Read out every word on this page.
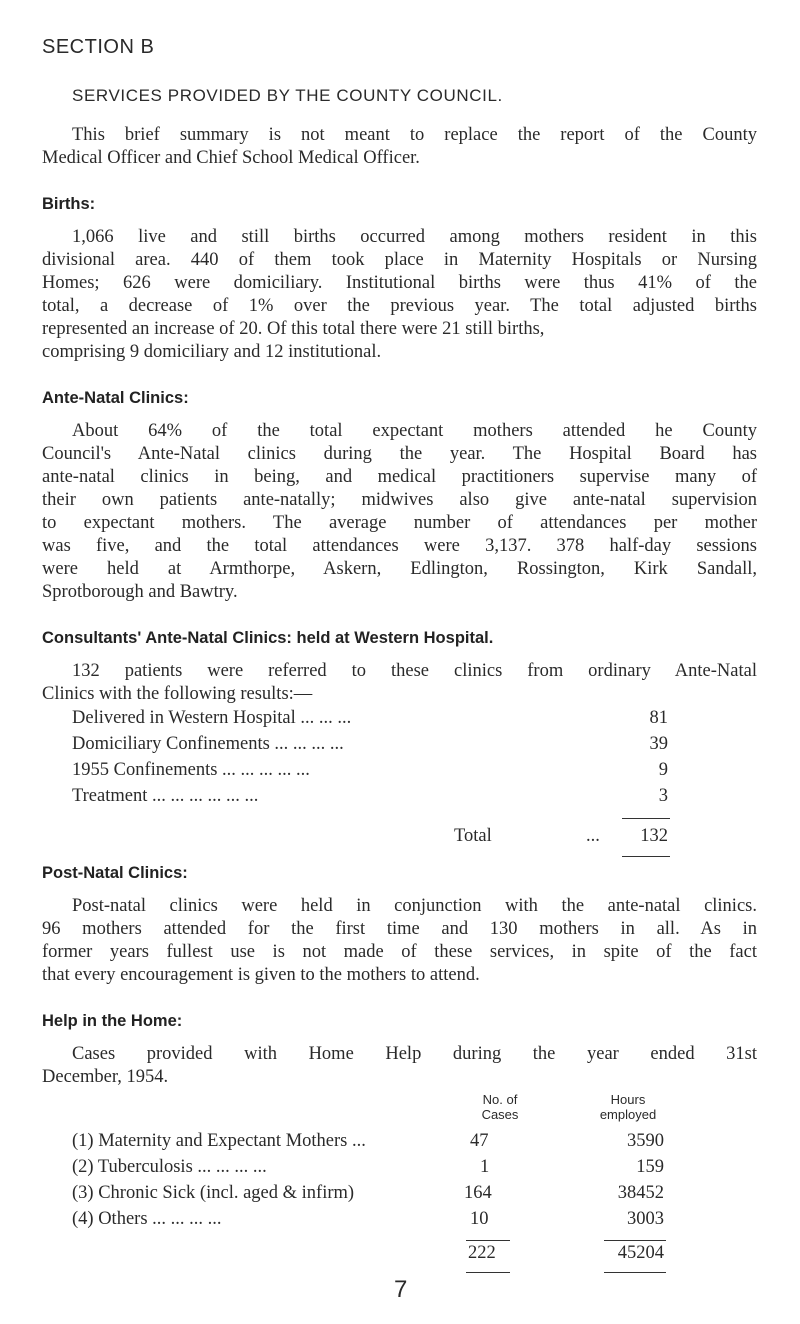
SECTION B
SERVICES PROVIDED BY THE COUNTY COUNCIL.
This brief summary is not meant to replace the report of the County
Medical Officer and Chief School Medical Officer.
Births:
1,066 live and still births occurred among mothers resident in this
divisional area. 440 of them took place in Maternity Hospitals or Nursing
Homes; 626 were domiciliary. Institutional births were thus 41% of the
total, a decrease of 1% over the previous year. The total adjusted births
represented an increase of 20. Of this total there were 21 still births,
comprising 9 domiciliary and 12 institutional.
Ante-Natal Clinics:
About 64% of the total expectant mothers attended he County
Council's Ante-Natal clinics during the year. The Hospital Board has
ante-natal clinics in being, and medical practitioners supervise many of
their own patients ante-natally; midwives also give ante-natal supervision
to expectant mothers. The average number of attendances per mother
was five, and the total attendances were 3,137. 378 half-day sessions
were held at Armthorpe, Askern, Edlington, Rossington, Kirk Sandall,
Sprotborough and Bawtry.
Consultants' Ante-Natal Clinics: held at Western Hospital.
132 patients were referred to these clinics from ordinary Ante-Natal
Clinics with the following results:—
Delivered in Western Hospital ... ... ...	81
Domiciliary Confinements ... ... ... ...	39
1955 Confinements ... ... ... ... ...	9
Treatment ... ... ... ... ... ...	3
Total	...	132
Post-Natal Clinics:
Post-natal clinics were held in conjunction with the ante-natal clinics.
96 mothers attended for the first time and 130 mothers in all. As in
former years fullest use is not made of these services, in spite of the fact
that every encouragement is given to the mothers to attend.
Help in the Home:
Cases provided with Home Help during the year ended 31st
December, 1954.
No. of
Cases
Hours
employed
(1) Maternity and Expectant Mothers ...	47	3590
(2) Tuberculosis ... ... ... ...	1	159
(3) Chronic Sick (incl. aged & infirm)	164	38452
(4) Others ... ... ... ...	10	3003
222	45204
7
